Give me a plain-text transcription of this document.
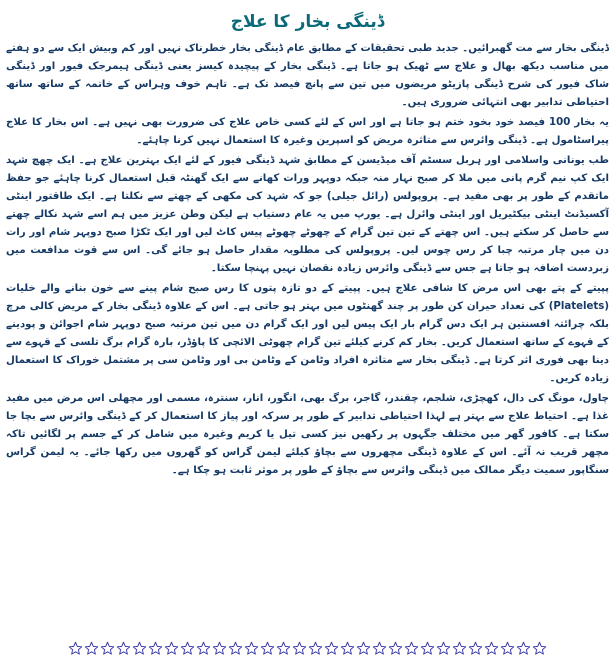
ڈینگی بخار کا علاج

ڈینگی بخار سے مت گھبرائیں۔ جدید طبی تحقیقات کے مطابق عام ڈینگی بخار خطرناک نہیں اور کم وبیش ایک سے دو ہفتے میں مناسب دیکھ بھال و علاج سے ٹھیک ہو جاتا ہے۔ ڈینگی بخار کے پیچیدہ کیسز یعنی ڈینگی ہیمرجک فیور اور ڈینگی شاک فیور کی شرح ڈینگی پازیٹو مریضوں میں تین سے پانچ فیصد تک ہے۔ تاہم خوف وہراس کے خاتمہ کے ساتھ ساتھ احتیاطی تدابیر بھی انتہائی ضروری ہیں۔

یہ بخار 100 فیصد خود بخود ختم ہو جاتا ہے اور اس کے لئے کسی خاص علاج کی ضرورت بھی نہیں ہے۔ اس بخار کا علاج پیراسٹامول ہے۔ ڈینگی وائرس سے متاثرہ مریض کو اسپرین وغیرہ کا استعمال نہیں کرنا چاہئے۔

طب یونانی واسلامی اور ہربل سسٹم آف میڈیسن کے مطابق شہد ڈینگی فیور کے لئے ایک بہترین علاج ہے۔ ایک چھچ شہد ایک کپ نیم گرم پانی میں ملا کر صبح نہار منہ جبکہ دوپہر ورات کھانے سے ایک گھنٹہ قبل استعمال کرنا چاہئے جو حفظ ماتقدم کے طور پر بھی مفید ہے۔ پروپولس (رائل جیلی) جو کہ شہد کی مکھی کے چھتے سے نکلتا ہے۔ ایک طاقتور اینٹی آکسیڈنٹ اینٹی بیکٹیریل اور اینٹی وائرل ہے۔ یورپ میں یہ عام دستیاب ہے لیکن وطن عزیز میں ہم اسے شہد نکالے چھتے سے حاصل کر سکتے ہیں۔ اس چھتے کے تین تین گرام کے چھوٹے چھوٹے پیس کاٹ لیں اور ایک ٹکڑا صبح دوپہر شام اور رات دن میں چار مرتبہ چبا کر رس چوس لیں۔ پروپولس کی مطلوبہ مقدار حاصل ہو جائے گی۔ اس سے قوت مدافعت میں زبردست اضافہ ہو جاتا ہے جس سے ڈینگی وائرس زیادہ نقصان نہیں پہنچا سکتا۔

پپیتے کے پتے بھی اس مرض کا شافی علاج ہیں۔ پپیتے کے دو تازہ پتوں کا رس صبح شام پینے سے خون بنانے والے خلیات (Platelets) کی تعداد حیران کن طور پر چند گھنٹوں میں بہتر ہو جاتی ہے۔ اس کے علاوہ ڈینگی بخار کے مریض کالی مرچ بلکہ چرائتہ افسنتین ہر ایک دس گرام بار ایک پیس لیں اور ایک گرام دن میں تین مرتبہ صبح دوپہر شام اجوائن و پودینے کے قہوے کے ساتھ استعمال کریں۔ بخار کم کرنے کیلئے تین گرام چھوٹی الائچی کا پاؤڈر، بارہ گرام برگ تلسی کے قہوے سے دینا بھی فوری اثر کرتا ہے۔ ڈینگی بخار سے متاثرہ افراد وٹامن کے وٹامن بی اور وٹامن سی پر مشتمل خوراک کا استعمال زیادہ کریں۔

چاول، مونگ کی دال، کھچڑی، شلجم، چقندر، گاجر، برگ بھی، انگور، انار، سنترہ، مسمی اور مچھلی اس مرض میں مفید غذا ہے۔ احتیاط علاج سے بہتر ہے لہذا احتیاطی تدابیر کے طور پر سرکہ اور پیاز کا استعمال کر کے ڈینگی وائرس سے بچا جا سکتا ہے۔ کافور گھر میں مختلف جگہوں پر رکھیں نیز کسی تیل یا کریم وغیرہ میں شامل کر کے جسم پر لگائیں تاکہ مچھر قریب نہ آئے۔ اس کے علاوہ ڈینگی مچھروں سے بچاؤ کیلئے لیمن گراس کو گھروں میں رکھا جائے۔ یہ لیمن گراس سنگاپور سمیت دیگر ممالک میں ڈینگی وائرس سے بچاؤ کے طور پر موثر ثابت ہو چکا ہے۔
